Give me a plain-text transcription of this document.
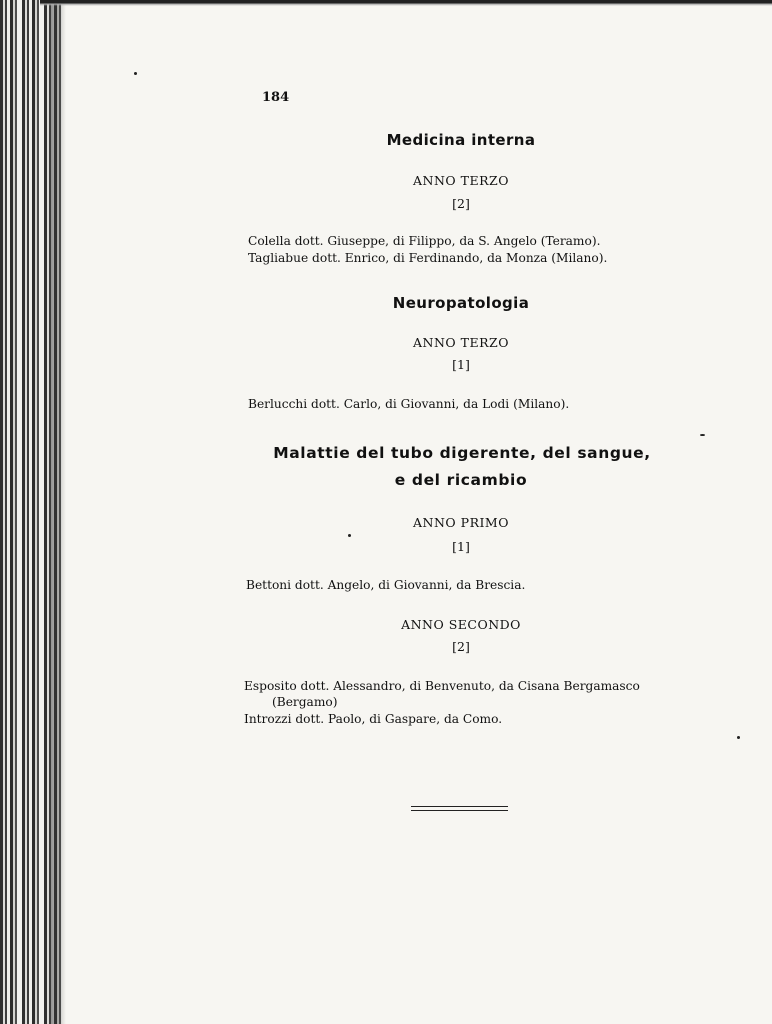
184
Medicina interna
ANNO TERZO
[2]
Colella dott. Giuseppe, di Filippo, da S. Angelo (Teramo).
Tagliabue dott. Enrico, di Ferdinando, da Monza (Milano).
Neuropatologia
ANNO TERZO
[1]
Berlucchi dott. Carlo, di Giovanni, da Lodi (Milano).
Malattie del tubo digerente, del sangue,
e del ricambio
ANNO PRIMO
[1]
Bettoni dott. Angelo, di Giovanni, da Brescia.
ANNO SECONDO
[2]
Esposito dott. Alessandro, di Benvenuto, da Cisana Bergamasco
(Bergamo)
Introzzi dott. Paolo, di Gaspare, da Como.
